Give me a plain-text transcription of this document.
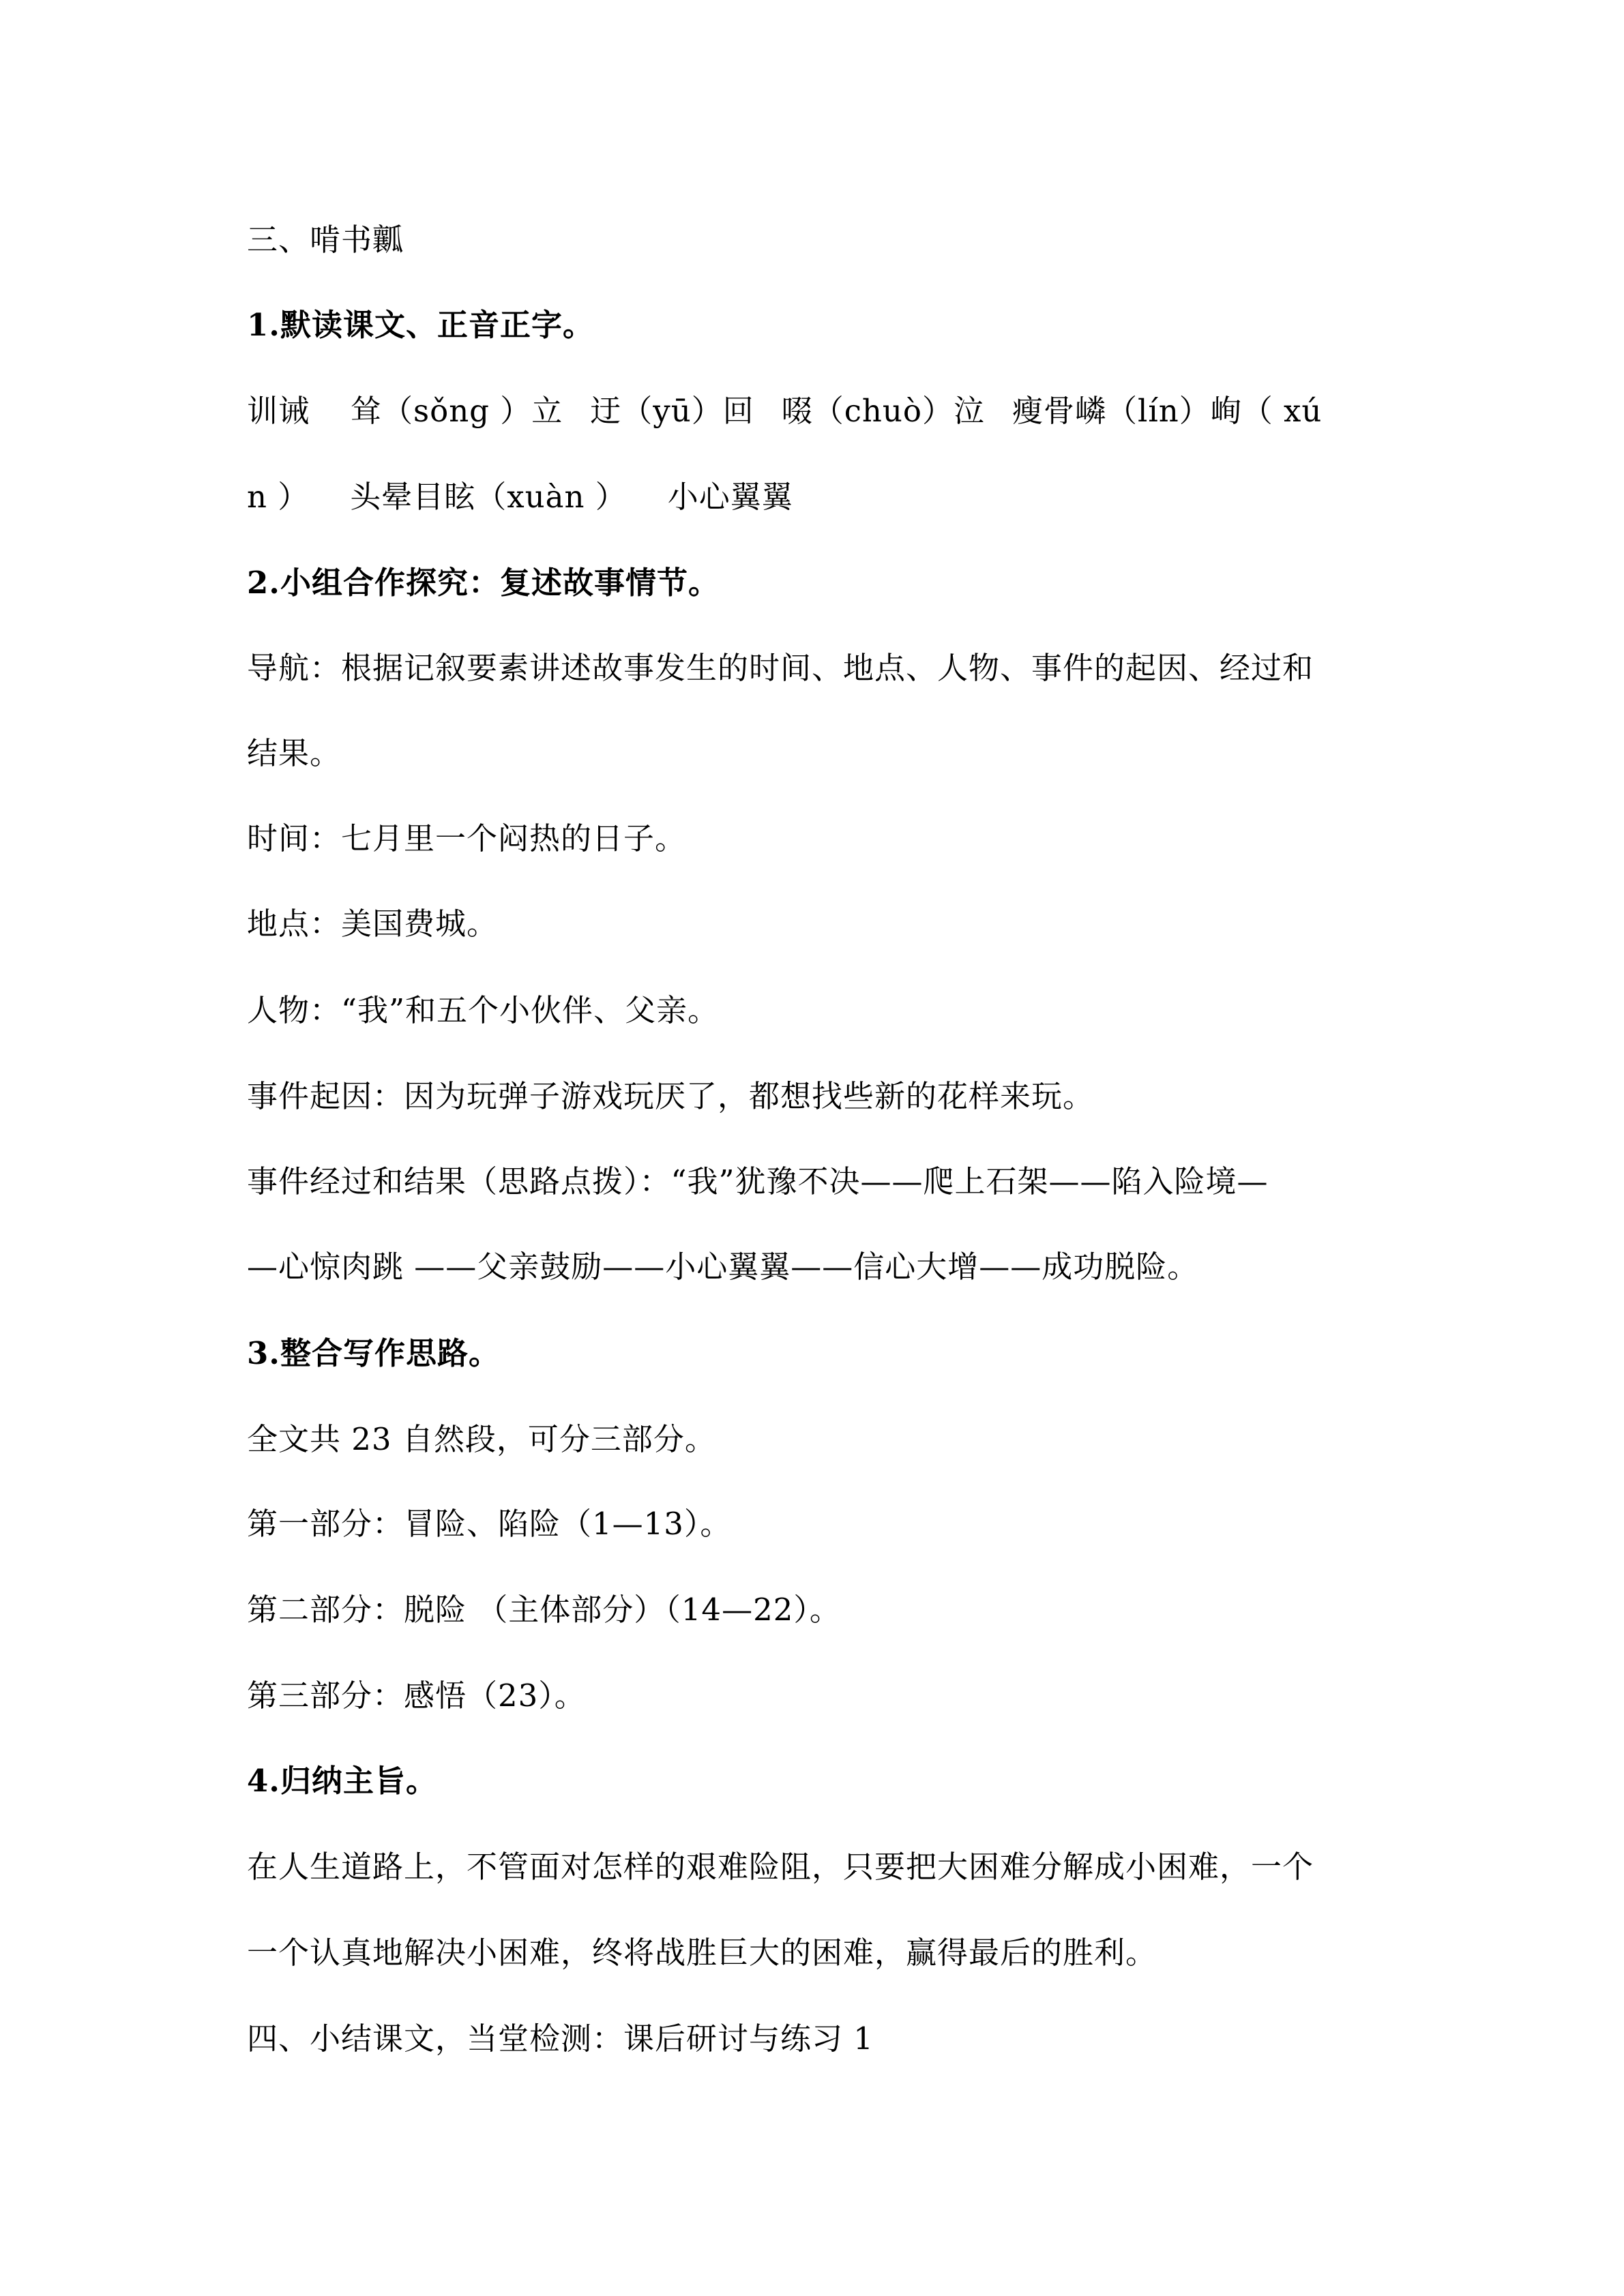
三、啃书瓤
1.默读课文、正音正字。
训诫 耸（sǒng ）立 迂（yū）回 啜（chuò）泣 瘦骨嶙（lín）峋（ xú
n ） 头晕目眩（xuàn ） 小心翼翼
2.小组合作探究：复述故事情节。
导航：根据记叙要素讲述故事发生的时间、地点、人物、事件的起因、经过和
结果。
时间：七月里一个闷热的日子。
地点：美国费城。
人物：“我”和五个小伙伴、父亲。
事件起因：因为玩弹子游戏玩厌了，都想找些新的花样来玩。
事件经过和结果（思路点拨）：“我”犹豫不决——爬上石架——陷入险境—
—心惊肉跳 ——父亲鼓励——小心翼翼——信心大增——成功脱险。
3.整合写作思路。
全文共 23 自然段，可分三部分。
第一部分：冒险、陷险（1—13）。
第二部分：脱险 （主体部分）（14—22）。
第三部分：感悟（23）。
4.归纳主旨。
在人生道路上，不管面对怎样的艰难险阻，只要把大困难分解成小困难，一个
一个认真地解决小困难，终将战胜巨大的困难，赢得最后的胜利。
四、小结课文，当堂检测：课后研讨与练习 1
